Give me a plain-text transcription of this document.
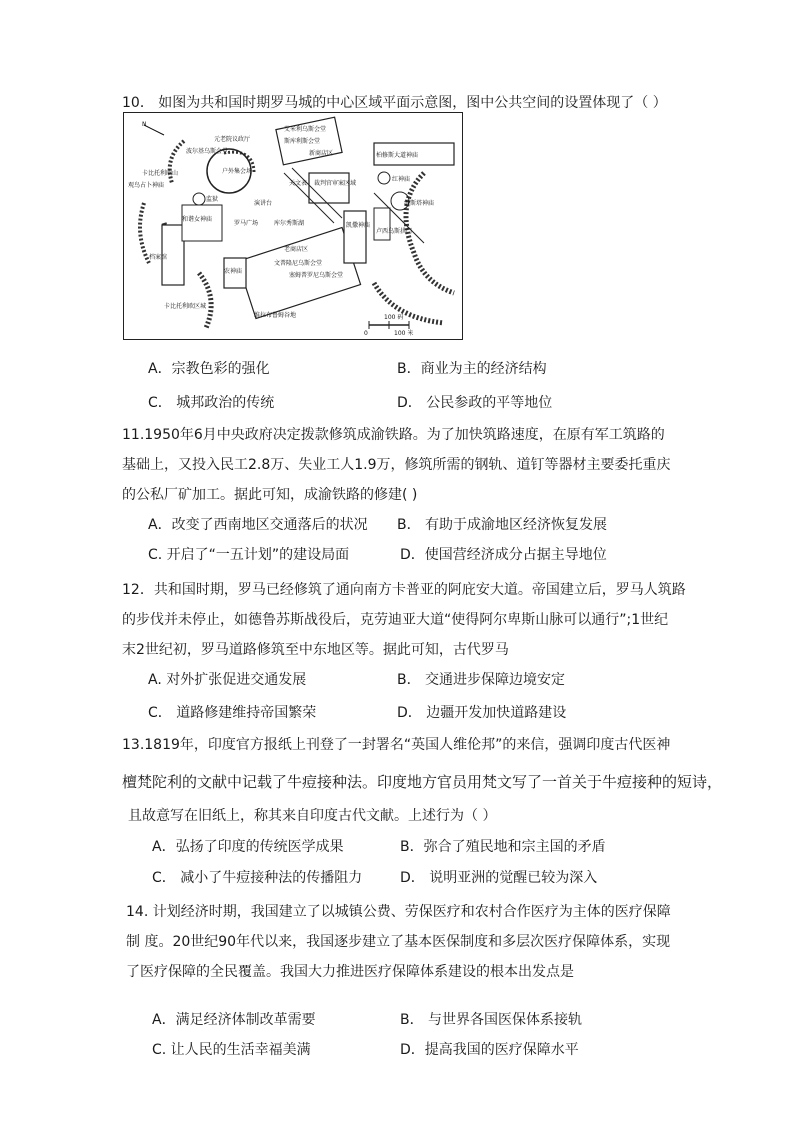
10． 如图为共和国时期罗马城的中心区域平面示意图，图中公共空间的设置体现了（ ）
N
元老院议政厅
波尔基乌斯会堂
卡比托利欧山
观鸟占卜神庙
监狱
户外集会场
和谐女神庙
演讲台
档案馆
罗马广场	库尔秀斯湖
农神庙
老商店区
文普隆尼乌斯会堂
塞姆普罗尼乌斯会堂
卡比托利欧区城
维拉布鲁姆谷地
新商店区
艾米利乌斯会堂
斯库利斯会堂
裁判官审案区域
天文表
柏修斯大道神庙
红神庙
维斯塔神庙
凯撒神庙
卢西乌斯拱门
0
100 码
100 米
A．宗教色彩的强化	B．商业为主的经济结构
C． 城邦政治的传统	D． 公民参政的平等地位
11.1950年6月中央政府决定拨款修筑成渝铁路。为了加快筑路速度，在原有军工筑路的
基础上，又投入民工2.8万、失业工人1.9万，修筑所需的钢轨、道钉等器材主要委托重庆
的公私厂矿加工。据此可知，成渝铁路的修建( )
A．改变了西南地区交通落后的状况 B． 有助于成渝地区经济恢复发展
C. 开启了“一五计划”的建设局面	D．使国营经济成分占据主导地位
12．共和国时期，罗马已经修筑了通向南方卡普亚的阿庇安大道。帝国建立后，罗马人筑路
的步伐并未停止，如德鲁苏斯战役后，克劳迪亚大道“使得阿尔卑斯山脉可以通行”;1世纪
末2世纪初，罗马道路修筑至中东地区等。据此可知，古代罗马
A. 对外扩张促进交通发展	B． 交通进步保障边境安定
C． 道路修建维持帝国繁荣	D． 边疆开发加快道路建设
13.1819年，印度官方报纸上刊登了一封署名“英国人维伦邦”的来信，强调印度古代医神
檀梵陀利的文献中记载了牛痘接种法。印度地方官员用梵文写了一首关于牛痘接种的短诗，
且故意写在旧纸上，称其来自印度古代文献。上述行为（ ）
A．弘扬了印度的传统医学成果	B．弥合了殖民地和宗主国的矛盾
C． 减小了牛痘接种法的传播阻力	D． 说明亚洲的觉醒已较为深入
14. 计划经济时期，我国建立了以城镇公费、劳保医疗和农村合作医疗为主体的医疗保障
制 度。20世纪90年代以来，我国逐步建立了基本医保制度和多层次医疗保障体系，实现
了医疗保障的全民覆盖。我国大力推进医疗保障体系建设的根本出发点是
A．满足经济体制改革需要	B． 与世界各国医保体系接轨
C. 让人民的生活幸福美满	D．提高我国的医疗保障水平
